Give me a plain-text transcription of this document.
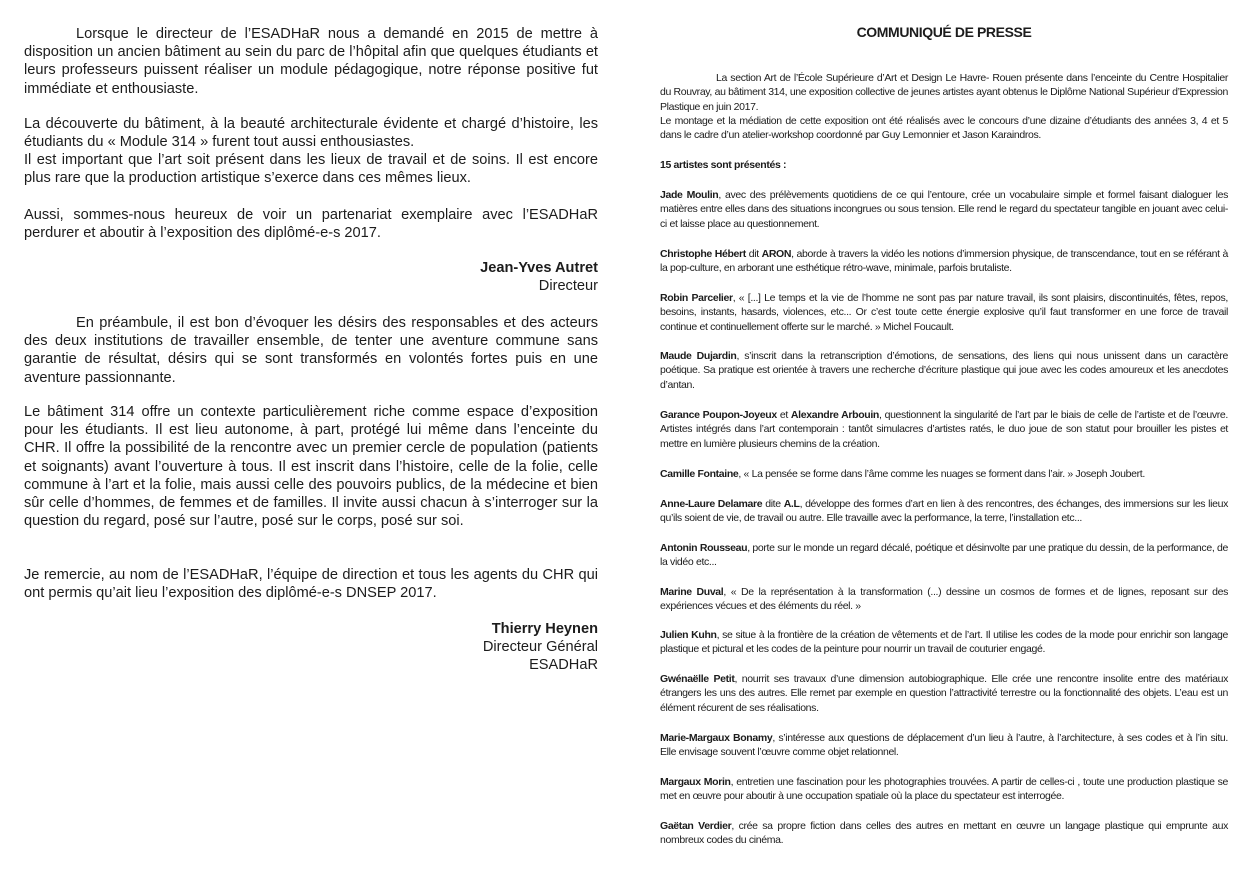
Lorsque le directeur de l’ESADHaR nous a demandé en 2015 de mettre à disposition un ancien bâtiment au sein du parc de l’hôpital afin que quelques étudiants et leurs professeurs puissent réaliser un module pédagogique, notre réponse positive fut immédiate et enthousiaste.

La découverte du bâtiment, à la beauté architecturale évidente et chargé d’histoire, les étudiants du « Module 314 » furent tout aussi enthousiastes.

Il est important que l’art soit présent dans les lieux de travail et de soins. Il est encore plus rare que la production artistique s’exerce dans ces mêmes lieux.

Aussi, sommes-nous heureux de voir un partenariat exemplaire avec l’ESADHaR perdurer et aboutir à l’exposition des diplômé-e-s 2017.

Jean-Yves Autret
Directeur

En préambule, il est bon d’évoquer les désirs des responsables et des acteurs des deux institutions de travailler ensemble, de tenter une aventure commune sans garantie de résultat, désirs qui se sont transformés en volontés fortes puis en une aventure passionnante.

Le bâtiment 314 offre un contexte particulièrement riche comme espace d’exposition pour les étudiants. Il est lieu autonome, à part, protégé lui même dans l’enceinte du CHR. Il offre la possibilité de la rencontre avec un premier cercle de population (patients et soignants) avant l’ouverture à tous. Il est inscrit dans l’histoire, celle de la folie, celle commune à l’art et la folie, mais aussi celle des pouvoirs publics, de la médecine et bien sûr celle d’hommes, de femmes et de familles. Il invite aussi chacun à s’interroger sur la question du regard, posé sur l’autre, posé sur le corps, posé sur soi.

Je remercie, au nom de l’ESADHaR, l’équipe de direction et tous les agents du CHR qui ont permis qu’ait lieu l’exposition des diplômé-e-s DNSEP 2017.

Thierry Heynen
Directeur Général
ESADHaR
COMMUNIQUÉ DE PRESSE

La section Art de l’École Supérieure d’Art et Design Le Havre- Rouen présente dans l’enceinte du Centre Hospitalier du Rouvray, au bâtiment 314, une exposition collective de jeunes artistes ayant obtenus le Diplôme National Supérieur d’Expression Plastique en juin 2017.

Le montage et la médiation de cette exposition ont été réalisés avec le concours d’une dizaine d’étudiants des années 3, 4 et 5 dans le cadre d’un atelier-workshop coordonné par Guy Lemonnier et Jason Karaindros.

15 artistes sont présentés :

Jade Moulin, avec des prélèvements quotidiens de ce qui l’entoure, crée un vocabulaire simple et formel faisant dialoguer les matières entre elles dans des situations incongrues ou sous tension. Elle rend le regard du spectateur tangible en jouant avec celui-ci et laisse place au questionnement.

Christophe Hébert dit ARON, aborde à travers la vidéo les notions d’immersion physique, de transcendance, tout en se référant à la pop-culture, en arborant une esthétique rétro-wave, minimale, parfois brutaliste.

Robin Parcelier, « [...] Le temps et la vie de l’homme ne sont pas par nature travail, ils sont plaisirs, discontinuités, fêtes, repos, besoins, instants, hasards, violences, etc... Or c’est toute cette énergie explosive qu’il faut transformer en une force de travail continue et continuellement offerte sur le marché. » Michel Foucault.

Maude Dujardin, s’inscrit dans la retranscription d’émotions, de sensations, des liens qui nous unissent dans un caractère poétique. Sa pratique est orientée à travers une recherche d’écriture plastique qui joue avec les codes amoureux et les anecdotes d’antan.

Garance Poupon-Joyeux et Alexandre Arbouin, questionnent la singularité de l’art par le biais de celle de l’artiste et de l’œuvre. Artistes intégrés dans l’art contemporain : tantôt simulacres d’artistes ratés, le duo joue de son statut pour brouiller les pistes et mettre en lumière plusieurs chemins de la création.

Camille Fontaine, « La pensée se forme dans l’âme comme les nuages se forment dans l’air. » Joseph Joubert.

Anne-Laure Delamare dite A.L, développe des formes d’art en lien à des rencontres, des échanges, des immersions sur les lieux qu’ils soient de vie, de travail ou autre. Elle travaille avec la performance, la terre, l’installation etc...

Antonin Rousseau, porte sur le monde un regard décalé, poétique et désinvolte par une pratique du dessin, de la performance, de la vidéo etc...

Marine Duval, « De la représentation à la transformation (...) dessine un cosmos de formes et de lignes, reposant sur des expériences vécues et des éléments du réel. »

Julien Kuhn, se situe à la frontière de la création de vêtements et de l’art. Il utilise les codes de la mode pour enrichir son langage plastique et pictural et les codes de la peinture pour nourrir un travail de couturier engagé.

Gwénaëlle Petit, nourrit ses travaux d’une dimension autobiographique. Elle crée une rencontre insolite entre des matériaux étrangers les uns des autres. Elle remet par exemple en question l’attractivité terrestre ou la fonctionnalité des objets. L’eau est un élément récurent de ses réalisations.

Marie-Margaux Bonamy, s’intéresse aux questions de déplacement d’un lieu à l’autre, à l’architecture, à ses codes et à l’in situ. Elle envisage souvent l’œuvre comme objet relationnel.

Margaux Morin, entretien une fascination pour les photographies trouvées. A partir de celles-ci , toute une production plastique se met en œuvre pour aboutir à une occupation spatiale où la place du spectateur est interrogée.

Gaëtan Verdier, crée sa propre fiction dans celles des autres en mettant en œuvre un langage plastique qui emprunte aux nombreux codes du cinéma.
